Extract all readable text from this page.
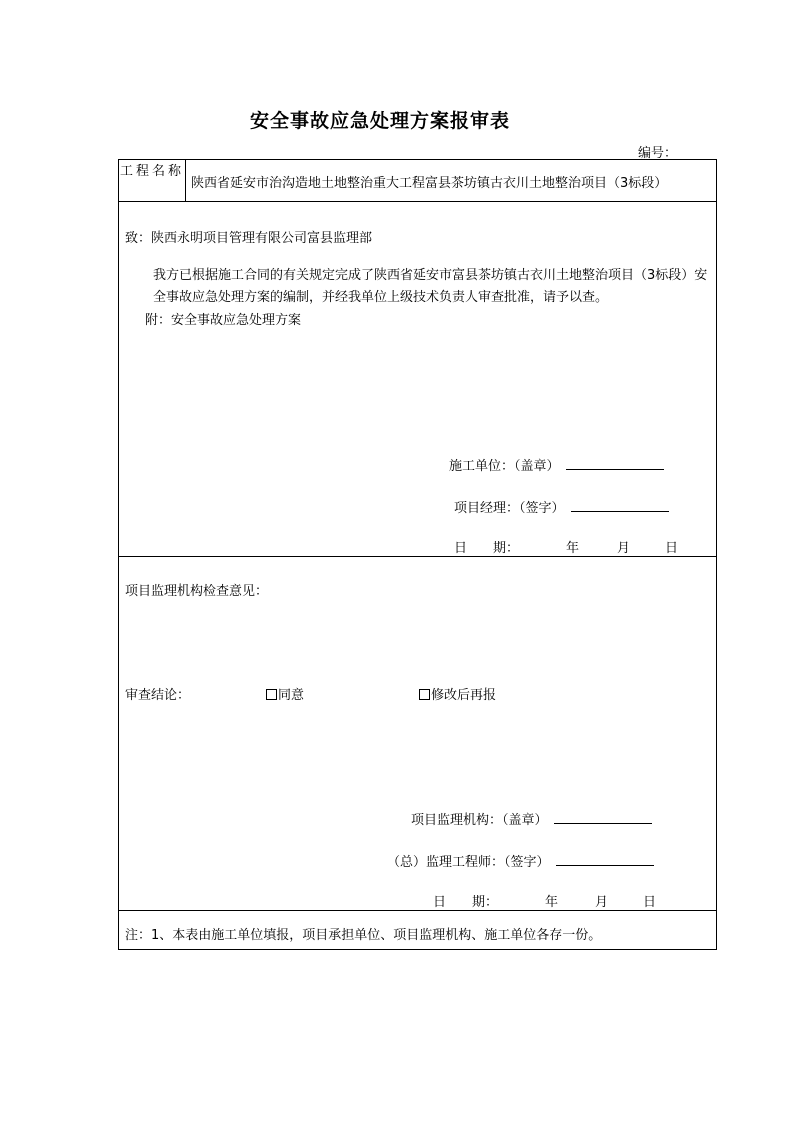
安全事故应急处理方案报审表
编号：
工程名称
陕西省延安市治沟造地土地整治重大工程富县茶坊镇古衣川土地整治项目（3标段）
致：陕西永明项目管理有限公司富县监理部
我方已根据施工合同的有关规定完成了陕西省延安市富县茶坊镇古衣川土地整治项目（3标段）安全事故应急处理方案的编制，并经我单位上级技术负责人审查批准，请予以查。
附：安全事故应急处理方案
施工单位：（盖章）
项目经理：（签字）
日　　期：	年	月	日
项目监理机构检查意见：
审查结论：	同意	修改后再报
项目监理机构：（盖章）
（总）监理工程师：（签字）
日　　期：	年	月	日
注：1、本表由施工单位填报，项目承担单位、项目监理机构、施工单位各存一份。
